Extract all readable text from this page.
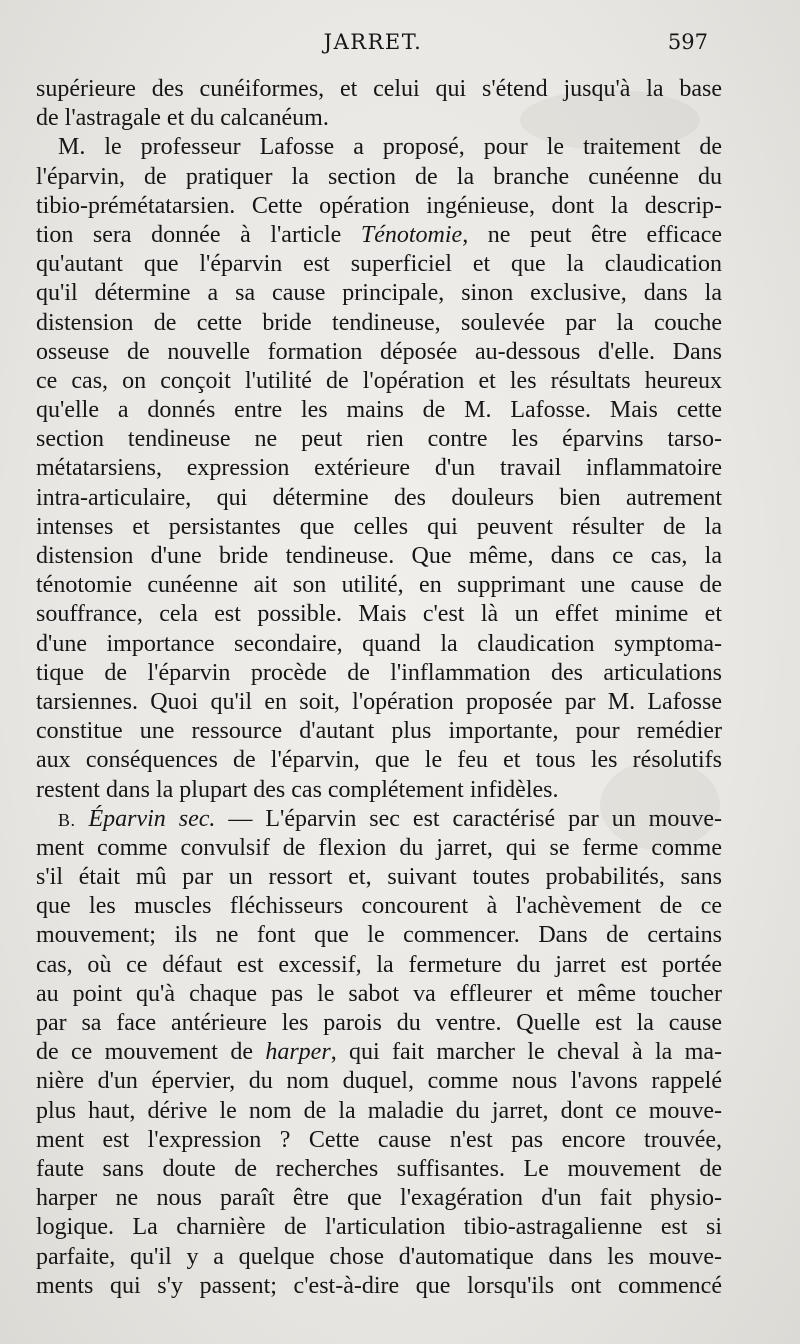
JARRET.	597
supérieure des cunéiformes, et celui qui s'étend jusqu'à la base
de l'astragale et du calcanéum.
M. le professeur Lafosse a proposé, pour le traitement de
l'éparvin, de pratiquer la section de la branche cunéenne du
tibio-prémétatarsien. Cette opération ingénieuse, dont la descrip-
tion sera donnée à l'article Ténotomie, ne peut être efficace
qu'autant que l'éparvin est superficiel et que la claudication
qu'il détermine a sa cause principale, sinon exclusive, dans la
distension de cette bride tendineuse, soulevée par la couche
osseuse de nouvelle formation déposée au-dessous d'elle. Dans
ce cas, on conçoit l'utilité de l'opération et les résultats heureux
qu'elle a donnés entre les mains de M. Lafosse. Mais cette
section tendineuse ne peut rien contre les éparvins tarso-
métatarsiens, expression extérieure d'un travail inflammatoire
intra-articulaire, qui détermine des douleurs bien autrement
intenses et persistantes que celles qui peuvent résulter de la
distension d'une bride tendineuse. Que même, dans ce cas, la
ténotomie cunéenne ait son utilité, en supprimant une cause de
souffrance, cela est possible. Mais c'est là un effet minime et
d'une importance secondaire, quand la claudication symptoma-
tique de l'éparvin procède de l'inflammation des articulations
tarsiennes. Quoi qu'il en soit, l'opération proposée par M. Lafosse
constitue une ressource d'autant plus importante, pour remédier
aux conséquences de l'éparvin, que le feu et tous les résolutifs
restent dans la plupart des cas complétement infidèles.
B. Éparvin sec. — L'éparvin sec est caractérisé par un mouve-
ment comme convulsif de flexion du jarret, qui se ferme comme
s'il était mû par un ressort et, suivant toutes probabilités, sans
que les muscles fléchisseurs concourent à l'achèvement de ce
mouvement; ils ne font que le commencer. Dans de certains
cas, où ce défaut est excessif, la fermeture du jarret est portée
au point qu'à chaque pas le sabot va effleurer et même toucher
par sa face antérieure les parois du ventre. Quelle est la cause
de ce mouvement de harper, qui fait marcher le cheval à la ma-
nière d'un épervier, du nom duquel, comme nous l'avons rappelé
plus haut, dérive le nom de la maladie du jarret, dont ce mouve-
ment est l'expression ? Cette cause n'est pas encore trouvée,
faute sans doute de recherches suffisantes. Le mouvement de
harper ne nous paraît être que l'exagération d'un fait physio-
logique. La charnière de l'articulation tibio-astragalienne est si
parfaite, qu'il y a quelque chose d'automatique dans les mouve-
ments qui s'y passent; c'est-à-dire que lorsqu'ils ont commencé
